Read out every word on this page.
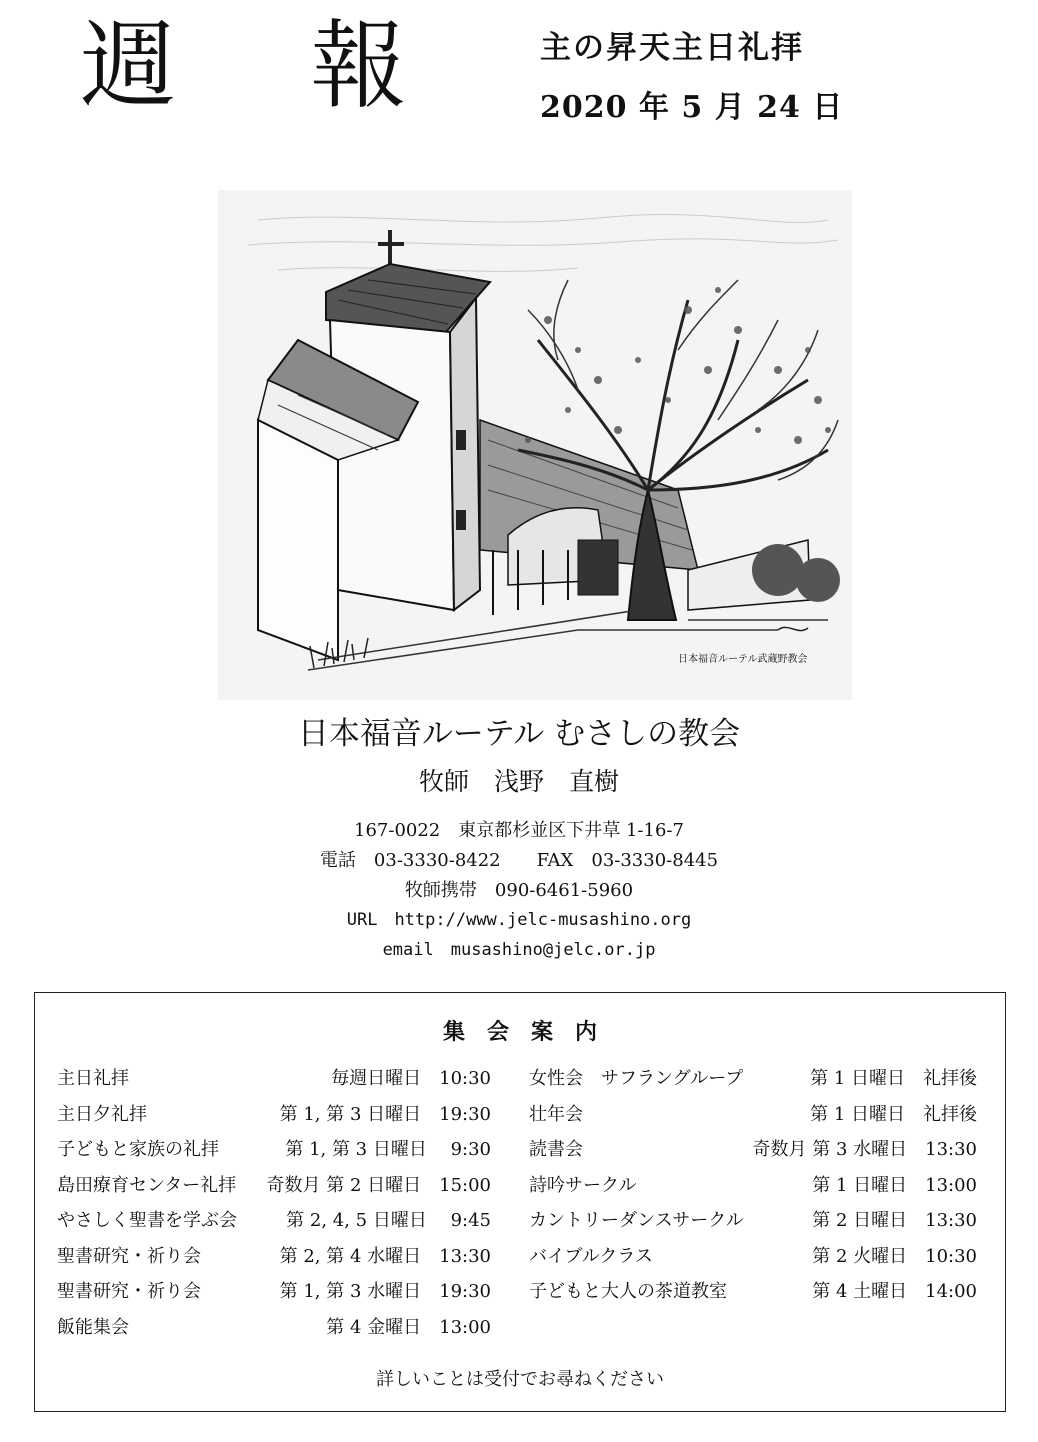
週 報	主の昇天主日礼拝
2020 年 5 月 24 日
日本福音ルーテル武蔵野教会
日本福音ルーテル むさしの教会
牧師　浅野　直樹
167-0022　東京都杉並区下井草 1-16-7
電話　03-3330-8422　　FAX　03-3330-8445
牧師携帯　090-6461-5960
URL　http://www.jelc-musashino.org
email　musashino@jelc.or.jp
集会案内
主日礼拝	毎週日曜日　10:30
主日夕礼拝	第 1, 第 3 日曜日　19:30
子どもと家族の礼拝	第 1, 第 3 日曜日　 9:30
島田療育センター礼拝 奇数月 第 2 日曜日　15:00
やさしく聖書を学ぶ会	第 2, 4, 5 日曜日　 9:45
聖書研究・祈り会	第 2, 第 4 水曜日　13:30
聖書研究・祈り会	第 1, 第 3 水曜日　19:30
飯能集会	第 4 金曜日　13:00
女性会　サフラングループ	第 1 日曜日　礼拝後
壮年会	第 1 日曜日　礼拝後
読書会	奇数月 第 3 水曜日　13:30
詩吟サークル	第 1 日曜日　13:00
カントリーダンスサークル	第 2 日曜日　13:30
バイブルクラス	第 2 火曜日　10:30
子どもと大人の茶道教室	第 4 土曜日　14:00
詳しいことは受付でお尋ねください
